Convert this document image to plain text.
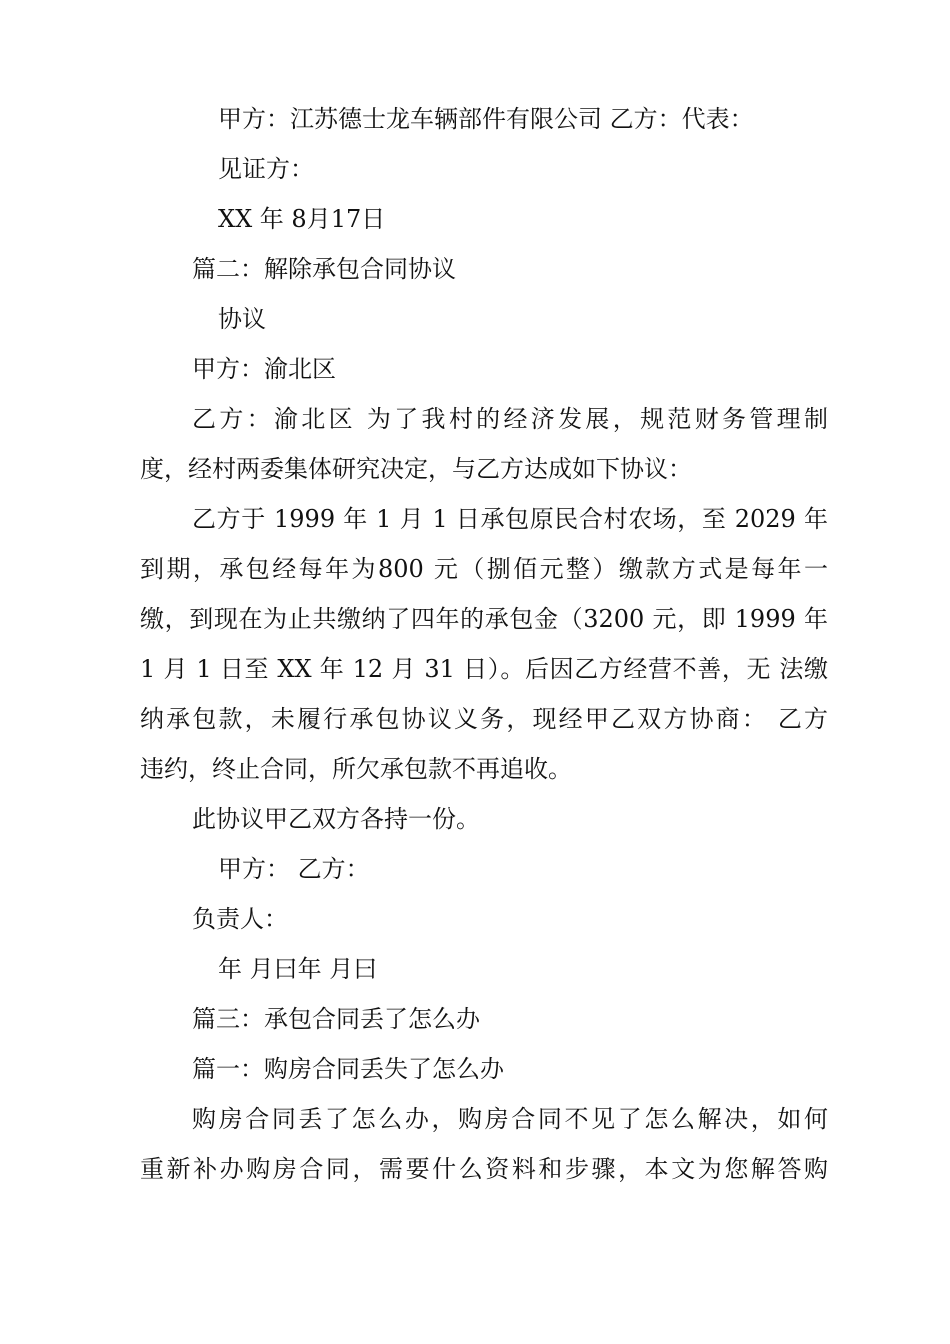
甲方：江苏德士龙车辆部件有限公司 乙方：代表：

见证方：

XX 年 8月17日

篇二：解除承包合同协议

协议

甲方：渝北区

乙方：渝北区 为了我村的经济发展，规范财务管理制

度，经村两委集体研究决定，与乙方达成如下协议：

乙方于 1999 年 1 月 1 日承包原民合村农场，至 2029 年

到期，承包经每年为800 元（捌佰元整）缴款方式是每年一

缴，到现在为止共缴纳了四年的承包金（3200 元，即 1999 年

1 月 1 日至 XX 年 12 月 31 日）。后因乙方经营不善，无 法缴

纳承包款，未履行承包协议义务，现经甲乙双方协商： 乙方

违约，终止合同，所欠承包款不再追收。

此协议甲乙双方各持一份。

甲方： 乙方：

负责人：

年 月曰年 月曰

篇三：承包合同丢了怎么办

篇一：购房合同丢失了怎么办

购房合同丢了怎么办，购房合同不见了怎么解决，如何

重新补办购房合同，需要什么资料和步骤，本文为您解答购
